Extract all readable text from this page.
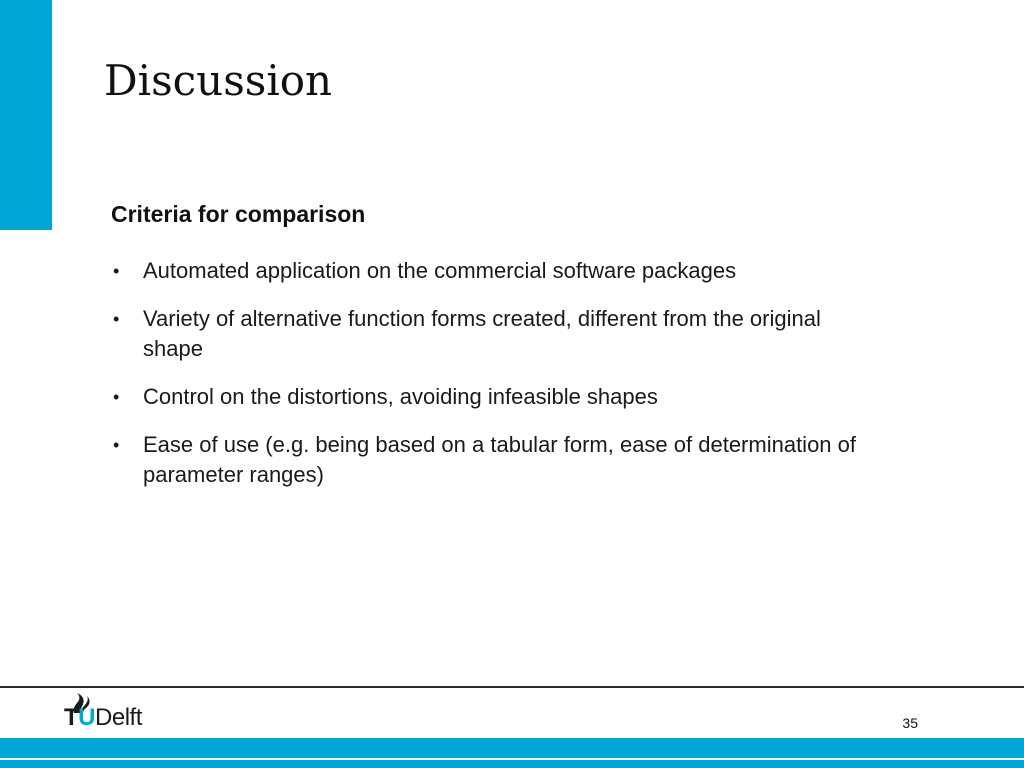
Discussion
Criteria for comparison
• Automated application on the commercial software packages
• Variety of alternative function forms created, different from the original shape
• Control on the distortions, avoiding infeasible shapes
• Ease of use (e.g. being based on a tabular form, ease of determination of parameter ranges)
TUDelft	35
